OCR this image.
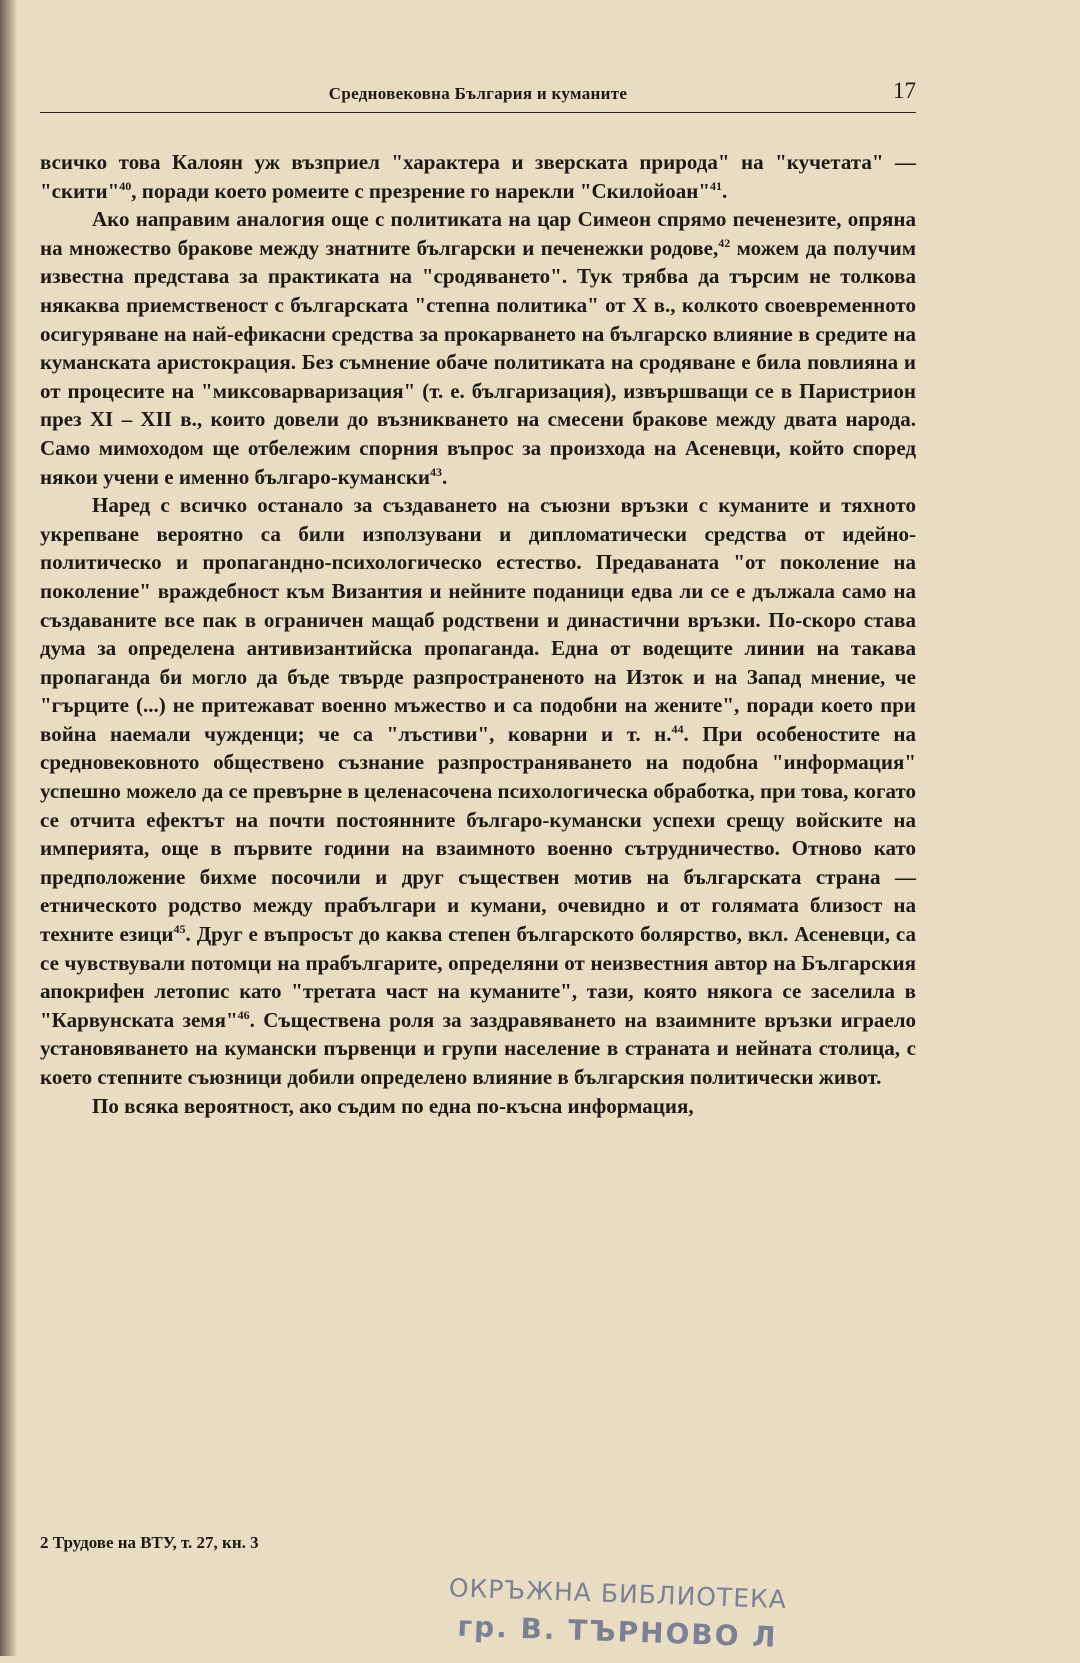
Средновековна България и куманите	17

всичко това Калоян уж възприел "характера и зверската природа" на "кучетата" — "скити"$^{40}$, поради което ромеите с презрение го нарекли "Скилойоан"$^{41}$.

Ако направим аналогия още с политиката на цар Симеон спрямо печенезите, опряна на множество бракове между знатните български и печенежки родове,$^{42}$ можем да получим известна представа за практиката на "сродяването". Тук трябва да търсим не толкова някаква приемственост с българската "степна политика" от X в., колкото своевременното осигуряване на най-ефикасни средства за прокарването на българско влияние в средите на куманската аристокрация. Без съмнение обаче политиката на сродяване е била повлияна и от процесите на "миксоварваризация" (т. е. българизация), извършващи се в Паристрион през XI – XII в., които довели до възникването на смесени бракове между двата народа. Само мимоходом ще отбележим спорния въпрос за произхода на Асеневци, който според някои учени е именно българо-кумански$^{43}$.

Наред с всичко останало за създаването на съюзни връзки с куманите и тяхното укрепване вероятно са били използувани и дипломатически средства от идейно-политическо и пропагандно-психологическо естество. Предаваната "от поколение на поколение" враждебност към Византия и нейните поданици едва ли се е дължала само на създаваните все пак в ограничен мащаб родствени и династични връзки. По-скоро става дума за определена антивизантийска пропаганда. Една от водещите линии на такава пропаганда би могло да бъде твърде разпространеното на Изток и на Запад мнение, че "гърците (...) не притежават военно мъжество и са подобни на жените", поради което при война наемали чужденци; че са "лъстиви", коварни и т. н.$^{44}$. При особеностите на средновековното обществено съзнание разпространяването на подобна "информация" успешно можело да се превърне в целенасочена психологическа обработка, при това, когато се отчита ефектът на почти постоянните българо-кумански успехи срещу войските на империята, още в първите години на взаимното военно сътрудничество. Отново като предположение бихме посочили и друг съществен мотив на българската страна — етническото родство между прабългари и кумани, очевидно и от голямата близост на техните езици$^{45}$. Друг е въпросът до каква степен българското болярство, вкл. Асеневци, са се чувствували потомци на прабългарите, определяни от неизвестния автор на Българския апокрифен летопис като "третата част на куманите", тази, която някога се заселила в "Карвунската земя"$^{46}$. Съществена роля за заздравяването на взаимните връзки играело установяването на кумански първенци и групи население в страната и нейната столица, с което степните съюзници добили определено влияние в българския политически живот.

По всяка вероятност, ако съдим по една по-късна информация,

2 Трудове на ВТУ, т. 27, кн. 3
ОКРЪЖНА БИБЛИОТЕКА
гр. В. ТЪРНОВО Л
